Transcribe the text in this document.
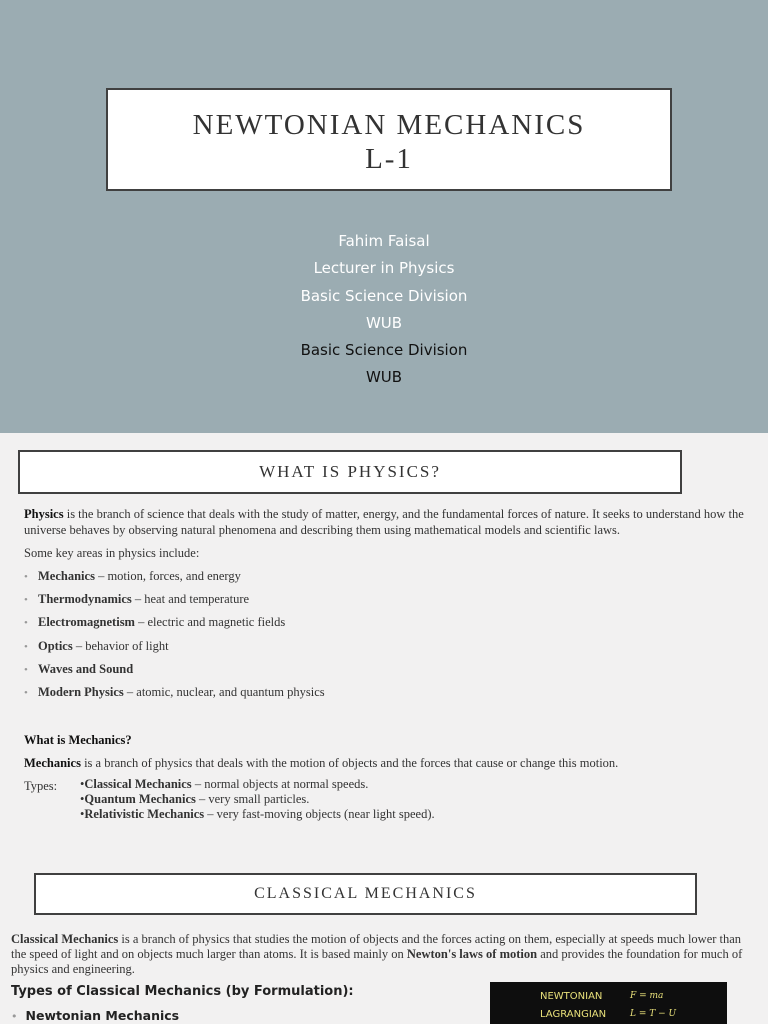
NEWTONIAN MECHANICS
L-1
Fahim Faisal
Lecturer in Physics
Basic Science Division
WUB
Basic Science Division
WUB
WHAT IS PHYSICS?
Physics is the branch of science that deals with the study of matter, energy, and the fundamental forces of nature. It seeks to understand how the universe behaves by observing natural phenomena and describing them using mathematical models and scientific laws.
Some key areas in physics include:
• Mechanics – motion, forces, and energy
• Thermodynamics – heat and temperature
• Electromagnetism – electric and magnetic fields
• Optics – behavior of light
• Waves and Sound
• Modern Physics – atomic, nuclear, and quantum physics
What is Mechanics?
Mechanics is a branch of physics that deals with the motion of objects and the forces that cause or change this motion.
Types: •Classical Mechanics – normal objects at normal speeds.
•Quantum Mechanics – very small particles.
•Relativistic Mechanics – very fast-moving objects (near light speed).
CLASSICAL MECHANICS
Classical Mechanics is a branch of physics that studies the motion of objects and the forces acting on them, especially at speeds much lower than the speed of light and on objects much larger than atoms. It is based mainly on Newton's laws of motion and provides the foundation for much of physics and engineering.
Types of Classical Mechanics (by Formulation):
• Newtonian Mechanics
NEWTONIAN	F = ma
LAGRANGIAN	L = T − U
